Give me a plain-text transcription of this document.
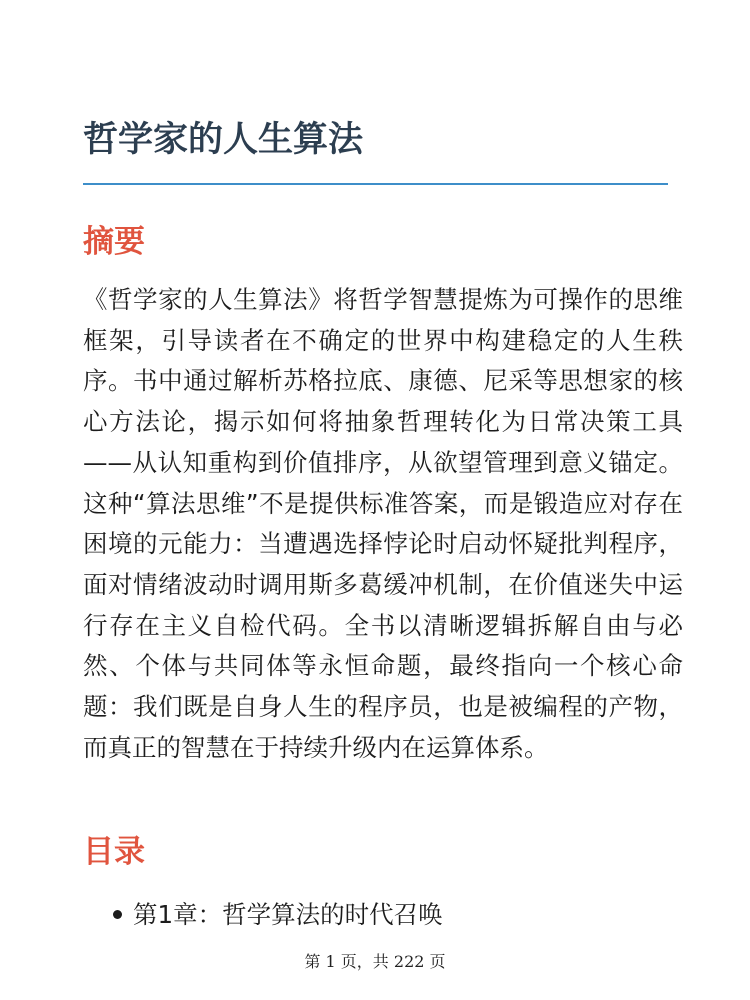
哲学家的人生算法
摘要

《哲学家的人生算法》将哲学智慧提炼为可操作的思维框架，引导读者在不确定的世界中构建稳定的人生秩序。书中通过解析苏格拉底、康德、尼采等思想家的核心方法论，揭示如何将抽象哲理转化为日常决策工具——从认知重构到价值排序，从欲望管理到意义锚定。这种“算法思维”不是提供标准答案，而是锻造应对存在困境的元能力：当遭遇选择悖论时启动怀疑批判程序，面对情绪波动时调用斯多葛缓冲机制，在价值迷失中运行存在主义自检代码。全书以清晰逻辑拆解自由与必然、个体与共同体等永恒命题，最终指向一个核心命题：我们既是自身人生的程序员，也是被编程的产物，而真正的智慧在于持续升级内在运算体系。

目录
第1章：哲学算法的时代召唤
第 1 页，共 222 页
